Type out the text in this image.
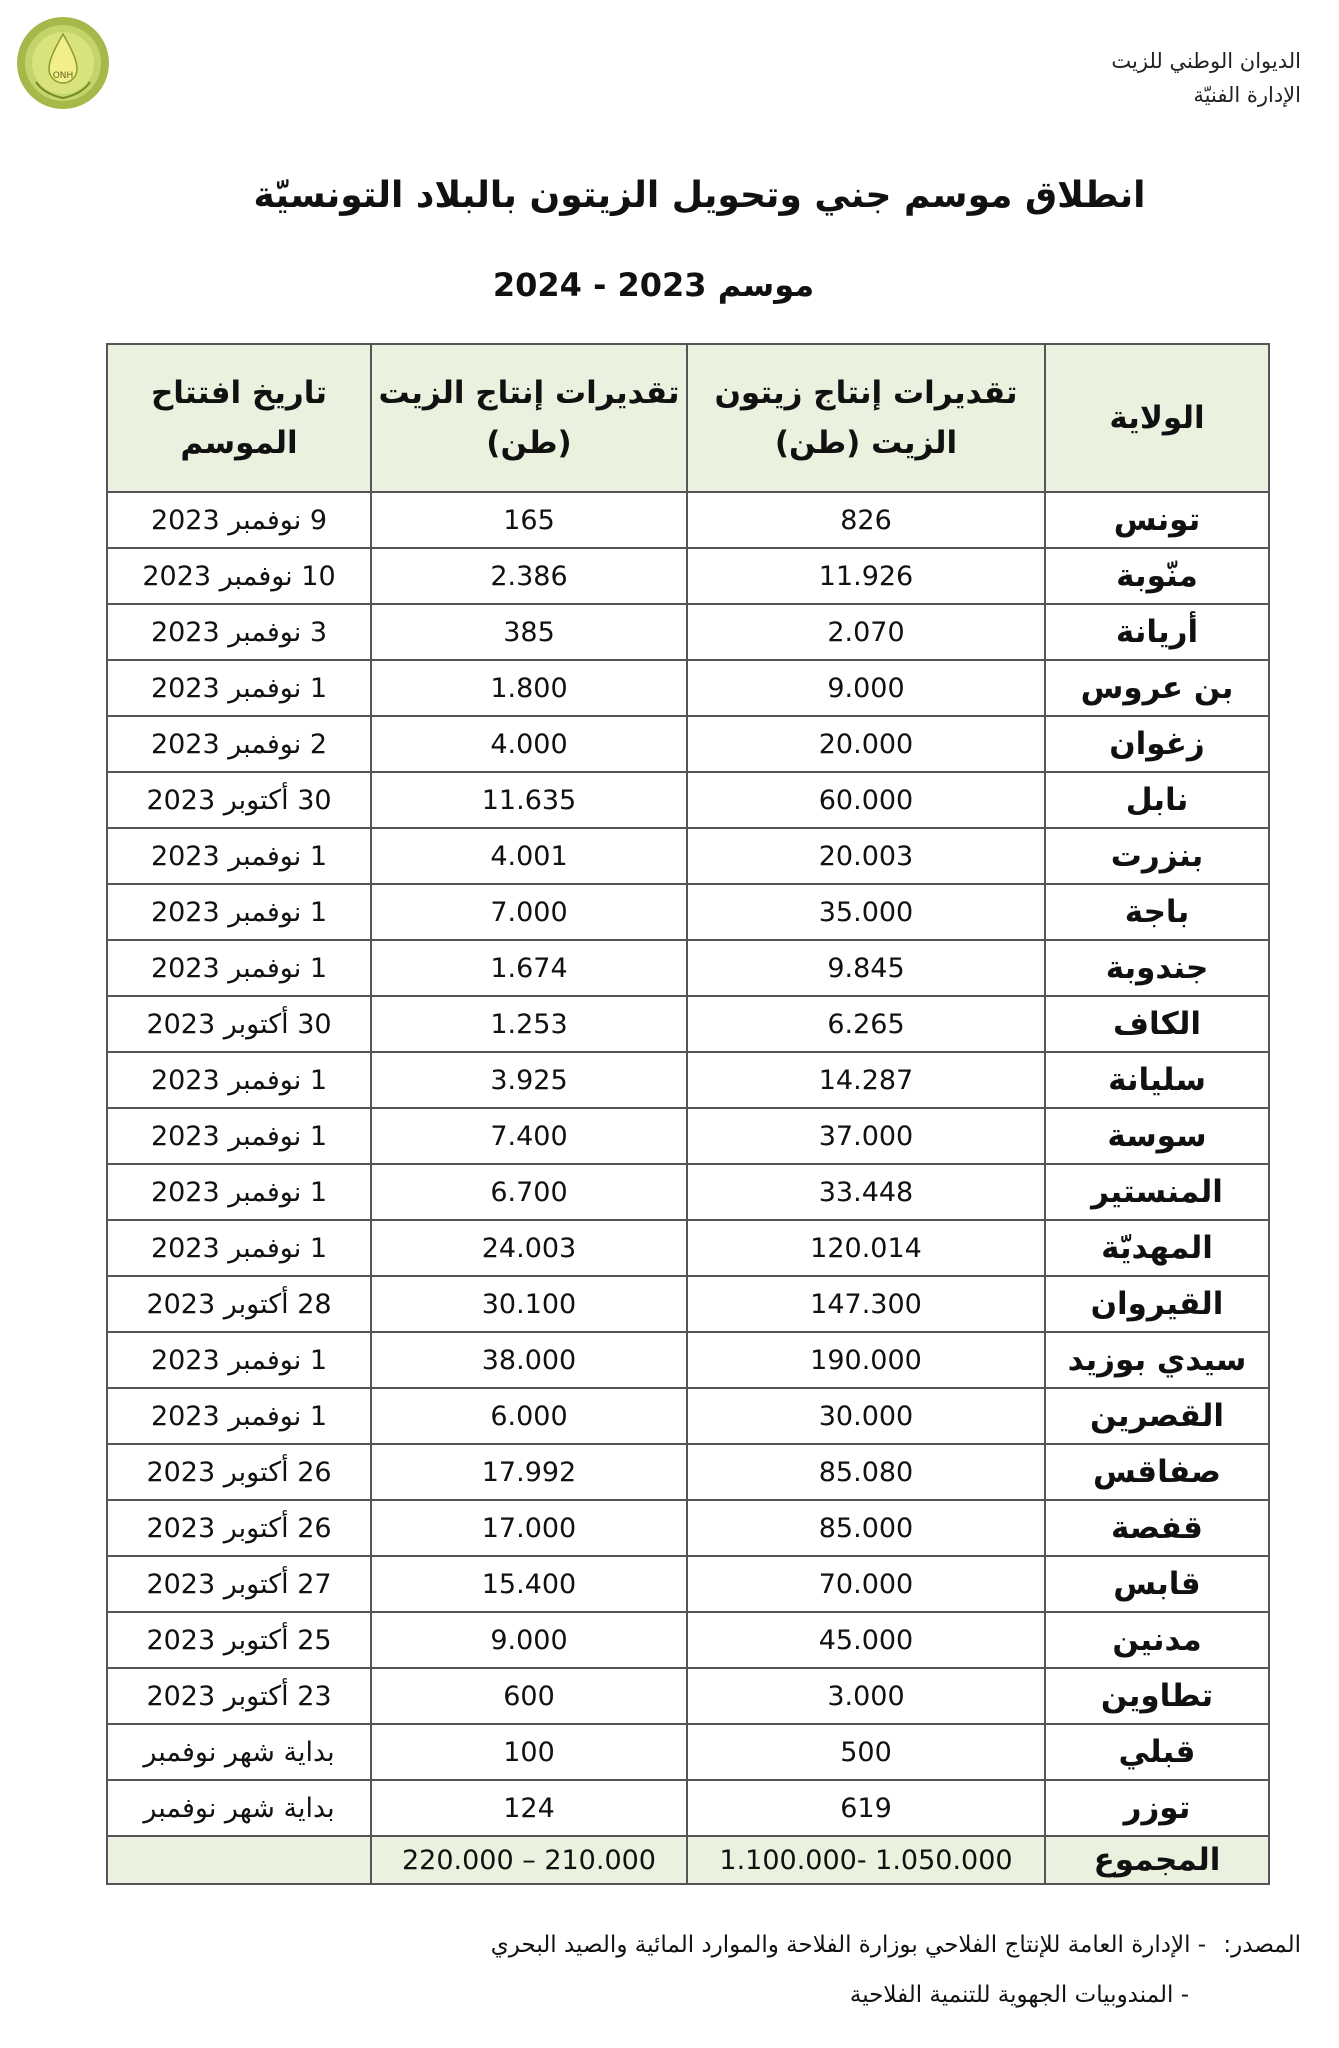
ONH
الديوان الوطني للزيت
الإدارة الفنيّة
انطلاق موسم جني وتحويل الزيتون بالبلاد التونسيّة
موسم 2023 - 2024
الولاية	تقديرات إنتاج زيتون الزيت (طن)	تقديرات إنتاج الزيت (طن)	تاريخ افتتاح الموسم
تونس	826	165	9 نوفمبر 2023
منّوبة	11.926	2.386	10 نوفمبر 2023
أريانة	2.070	385	3 نوفمبر 2023
بن عروس	9.000	1.800	1 نوفمبر 2023
زغوان	20.000	4.000	2 نوفمبر 2023
نابل	60.000	11.635	30 أكتوبر 2023
بنزرت	20.003	4.001	1 نوفمبر 2023
باجة	35.000	7.000	1 نوفمبر 2023
جندوبة	9.845	1.674	1 نوفمبر 2023
الكاف	6.265	1.253	30 أكتوبر 2023
سليانة	14.287	3.925	1 نوفمبر 2023
سوسة	37.000	7.400	1 نوفمبر 2023
المنستير	33.448	6.700	1 نوفمبر 2023
المهديّة	120.014	24.003	1 نوفمبر 2023
القيروان	147.300	30.100	28 أكتوبر 2023
سيدي بوزيد	190.000	38.000	1 نوفمبر 2023
القصرين	30.000	6.000	1 نوفمبر 2023
صفاقس	85.080	17.992	26 أكتوبر 2023
قفصة	85.000	17.000	26 أكتوبر 2023
قابس	70.000	15.400	27 أكتوبر 2023
مدنين	45.000	9.000	25 أكتوبر 2023
تطاوين	3.000	600	23 أكتوبر 2023
قبلي	500	100	بداية شهر نوفمبر
توزر	619	124	بداية شهر نوفمبر
المجموع	1.050.000 -1.100.000	210.000 – 220.000	
المصدر: - الإدارة العامة للإنتاج الفلاحي بوزارة الفلاحة والموارد المائية والصيد البحري
- المندوبيات الجهوية للتنمية الفلاحية
